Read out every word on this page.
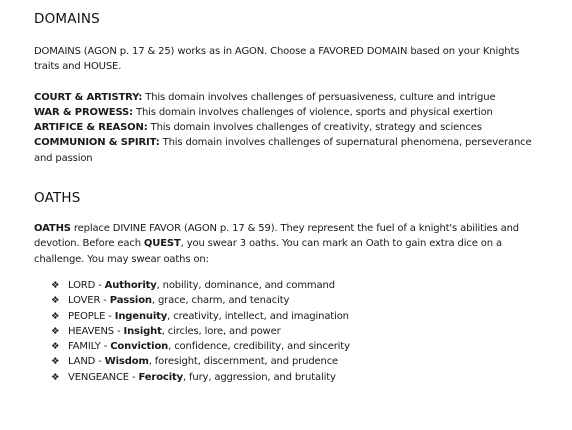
DOMAINS

DOMAINS (AGON p. 17 & 25) works as in AGON. Choose a FAVORED DOMAIN based on your Knights traits and HOUSE.

COURT & ARTISTRY: This domain involves challenges of persuasiveness, culture and intrigue

WAR & PROWESS: This domain involves challenges of violence, sports and physical exertion

ARTIFICE & REASON: This domain involves challenges of creativity, strategy and sciences

COMMUNION & SPIRIT: This domain involves challenges of supernatural phenomena, perseverance and passion

OATHS

OATHS replace DIVINE FAVOR (AGON p. 17 & 59). They represent the fuel of a knight's abilities and devotion. Before each QUEST, you swear 3 oaths. You can mark an Oath to gain extra dice on a challenge. You may swear oaths on:

❖ LORD - Authority, nobility, dominance, and command
❖ LOVER - Passion, grace, charm, and tenacity
❖ PEOPLE - Ingenuity, creativity, intellect, and imagination
❖ HEAVENS - Insight, circles, lore, and power
❖ FAMILY - Conviction, confidence, credibility, and sincerity
❖ LAND - Wisdom, foresight, discernment, and prudence
❖ VENGEANCE - Ferocity, fury, aggression, and brutality
